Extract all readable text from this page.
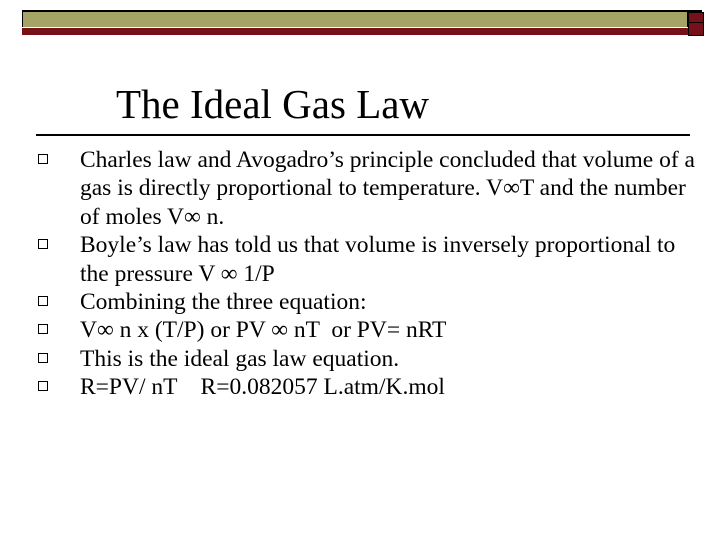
The Ideal Gas Law
Charles law and Avogadro’s principle concluded that volume of a gas is directly proportional to temperature. V∞T and the number of moles V∞ n.
Boyle’s law has told us that volume is inversely proportional to the pressure V ∞ 1/P
Combining the three equation:
V∞ n x (T/P) or PV ∞ nT  or PV= nRT
This is the ideal gas law equation.
R=PV/ nT    R=0.082057 L.atm/K.mol
